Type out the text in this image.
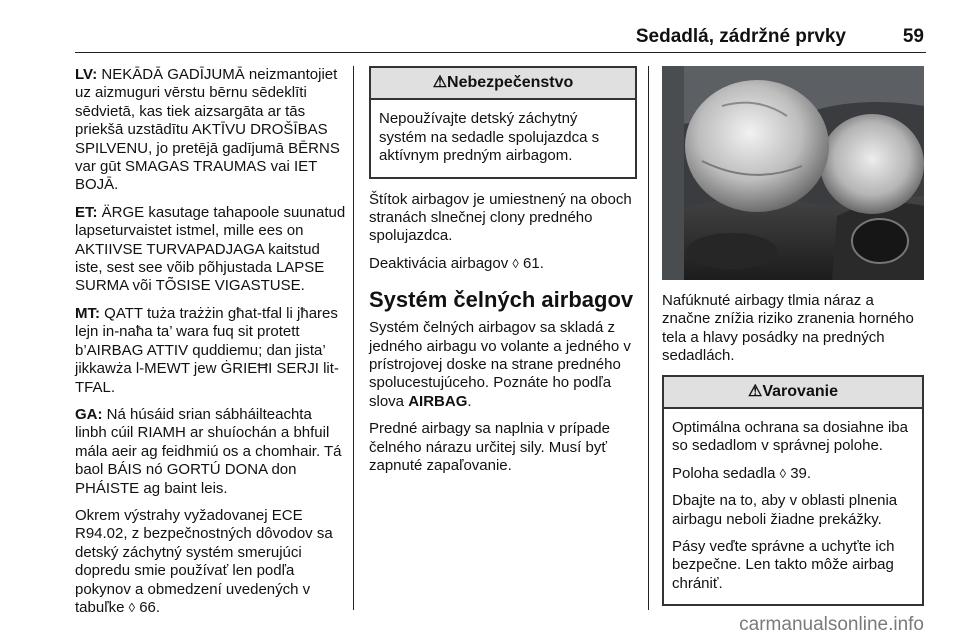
Sedadlá, zádržné prvky	59

LV: NEKĀDĀ GADĪJUMĀ neizmantojiet uz aizmuguri vērstu bērnu sēdeklīti sēdvietā, kas tiek aizsargāta ar tās priekšā uzstādītu AKTĪVU DROŠĪBAS SPILVENU, jo pretējā gadījumā BĒRNS var gūt SMAGAS TRAUMAS vai IET BOJĀ.

ET: ÄRGE kasutage tahapoole suunatud lapseturvaistet istmel, mille ees on AKTIIVSE TURVAPADJAGA kaitstud iste, sest see võib põhjustada LAPSE SURMA või TÕSISE VIGASTUSE.

MT: QATT tuża trażżin għat-tfal li jħares lejn in-naħa ta’ wara fuq sit protett b’AIRBAG ATTIV quddiemu; dan jista’ jikkawża l-MEWT jew ĠRIEĦI SERJI lit-TFAL.

GA: Ná húsáid srian sábháilteachta linbh cúil RIAMH ar shuíochán a bhfuil mála aeir ag feidhmiú os a chomhair. Tá baol BÁIS nó GORTÚ DONA don PHÁISTE ag baint leis.

Okrem výstrahy vyžadovanej ECE R94.02, z bezpečnostných dôvodov sa detský záchytný systém smerujúci dopredu smie používať len podľa pokynov a obmedzení uvedených v tabuľke ◊ 66.

⚠Nebezpečenstvo

Nepoužívajte detský záchytný systém na sedadle spolujazdca s aktívnym predným airbagom.

Štítok airbagov je umiestnený na oboch stranách slnečnej clony predného spolujazdca.

Deaktivácia airbagov ◊ 61.

Systém čelných airbagov

Systém čelných airbagov sa skladá z jedného airbagu vo volante a jedného v prístrojovej doske na strane predného spolucestujúceho. Poznáte ho podľa slova AIRBAG.

Predné airbagy sa naplnia v prípade čelného nárazu určitej sily. Musí byť zapnuté zapaľovanie.

Nafúknuté airbagy tlmia náraz a značne znížia riziko zranenia horného tela a hlavy posádky na predných sedadlách.

⚠Varovanie

Optimálna ochrana sa dosiahne iba so sedadlom v správnej polohe.

Poloha sedadla ◊ 39.

Dbajte na to, aby v oblasti plnenia airbagu neboli žiadne prekážky.

Pásy veďte správne a uchyťte ich bezpečne. Len takto môže airbag chrániť.

carmanualsonline.info
